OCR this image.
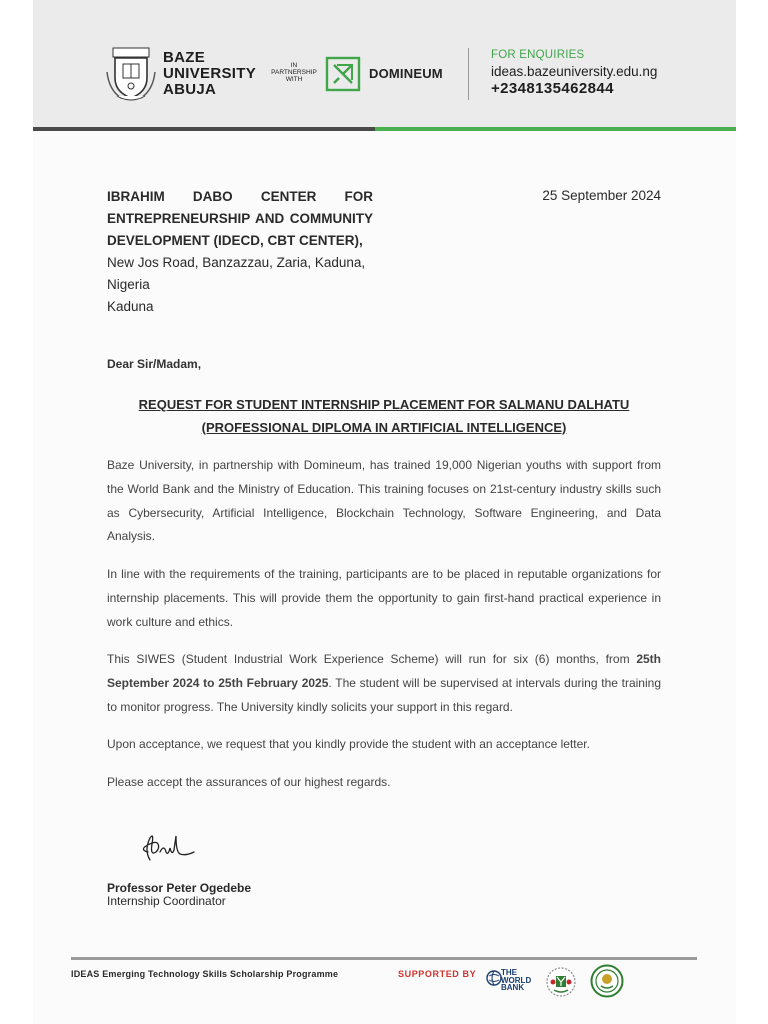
BAZE
UNIVERSITY
ABUJA
IN
PARTNERSHIP
WITH	DOMINEUM
FOR ENQUIRIES
ideas.bazeuniversity.edu.ng
+2348135462844
IBRAHIM DABO CENTER FOR ENTREPRENEURSHIP AND COMMUNITY DEVELOPMENT (IDECD, CBT CENTER),
New Jos Road, Banzazzau, Zaria, Kaduna,
Nigeria
Kaduna
25 September 2024
Dear Sir/Madam,
REQUEST FOR STUDENT INTERNSHIP PLACEMENT FOR SALMANU DALHATU
(PROFESSIONAL DIPLOMA IN ARTIFICIAL INTELLIGENCE)
Baze University, in partnership with Domineum, has trained 19,000 Nigerian youths with support from the World Bank and the Ministry of Education. This training focuses on 21st-century industry skills such as Cybersecurity, Artificial Intelligence, Blockchain Technology, Software Engineering, and Data Analysis.
In line with the requirements of the training, participants are to be placed in reputable organizations for internship placements. This will provide them the opportunity to gain first-hand practical experience in work culture and ethics.
This SIWES (Student Industrial Work Experience Scheme) will run for six (6) months, from 25th September 2024 to 25th February 2025. The student will be supervised at intervals during the training to monitor progress. The University kindly solicits your support in this regard.
Upon acceptance, we request that you kindly provide the student with an acceptance letter.
Please accept the assurances of our highest regards.
Professor Peter Ogedebe
Internship Coordinator
IDEAS Emerging Technology Skills Scholarship Programme	SUPPORTED BY	THE
WORLD
BANK
